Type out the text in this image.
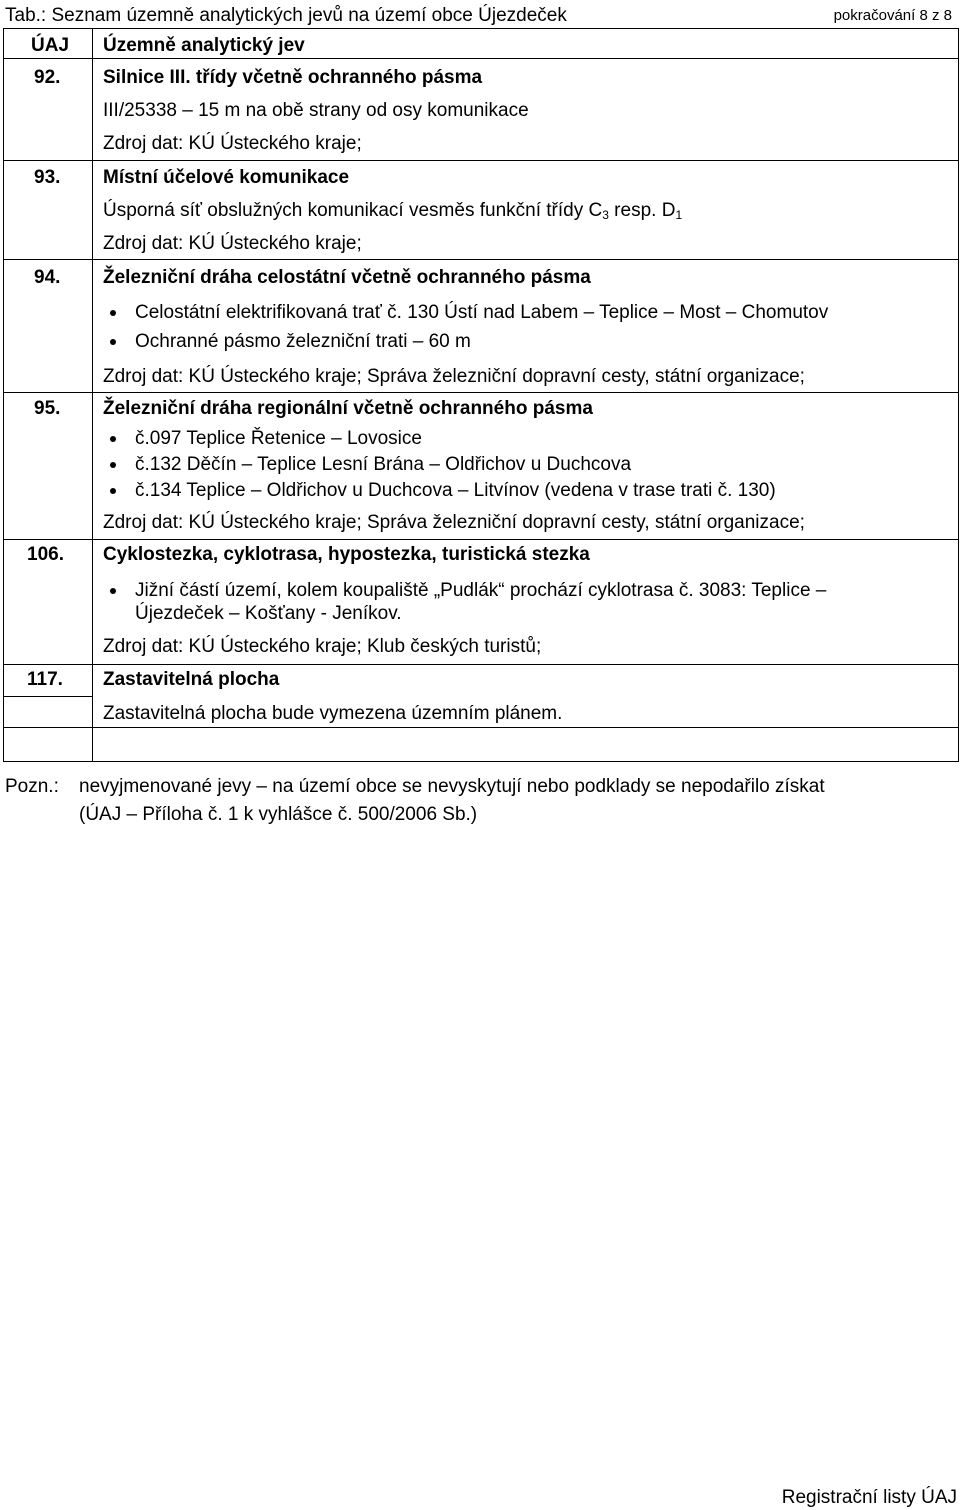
Tab.: Seznam územně analytických jevů na území obce Újezdeček	pokračování 8 z 8
ÚAJ Územně analytický jev
92. Silnice III. třídy včetně ochranného pásma
III/25338 – 15 m na obě strany od osy komunikace
Zdroj dat: KÚ Ústeckého kraje;
93. Místní účelové komunikace
Úsporná síť obslužných komunikací vesměs funkční třídy $C_3$ resp. $D_1$
Zdroj dat: KÚ Ústeckého kraje;
94. Železniční dráha celostátní včetně ochranného pásma
Celostátní elektrifikovaná trať č. 130 Ústí nad Labem – Teplice – Most – Chomutov
Ochranné pásmo železniční trati – 60 m
Zdroj dat: KÚ Ústeckého kraje; Správa železniční dopravní cesty, státní organizace;
95. Železniční dráha regionální včetně ochranného pásma
č.097 Teplice Řetenice – Lovosice
č.132 Děčín – Teplice Lesní Brána – Oldřichov u Duchcova
č.134 Teplice – Oldřichov u Duchcova – Litvínov (vedena v trase trati č. 130)
Zdroj dat: KÚ Ústeckého kraje; Správa železniční dopravní cesty, státní organizace;
106. Cyklostezka, cyklotrasa, hypostezka, turistická stezka
Jižní částí území, kolem koupaliště „Pudlák“ prochází cyklotrasa č. 3083: Teplice –
Újezdeček – Košťany - Jeníkov.
Zdroj dat: KÚ Ústeckého kraje; Klub českých turistů;
117. Zastavitelná plocha
Zastavitelná plocha bude vymezena územním plánem.
Pozn.: nevyjmenované jevy – na území obce se nevyskytují nebo podklady se nepodařilo získat
(ÚAJ – Příloha č. 1 k vyhlášce č. 500/2006 Sb.)
Registrační listy ÚAJ
